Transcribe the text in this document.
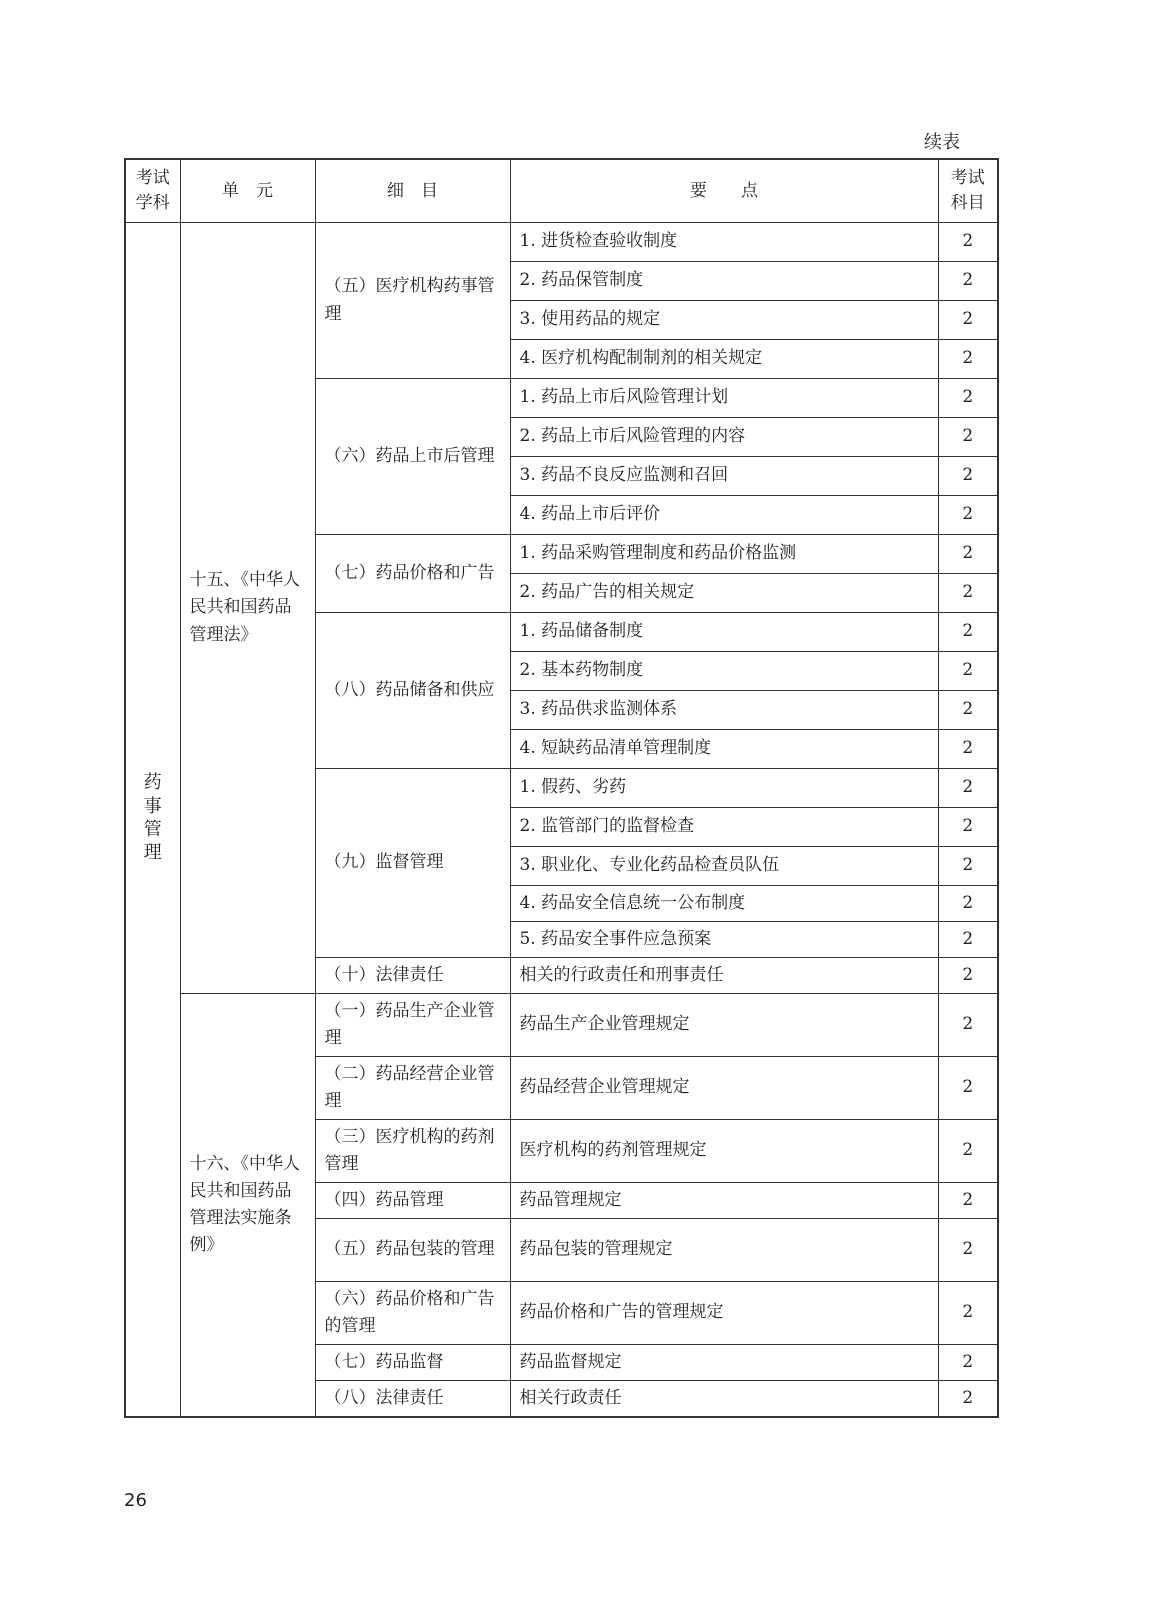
续表
考试学科	单　元	细　目	要　　点	考试科目
药事管理	十五、《中华人民共和国药品管理法》	（五）医疗机构药事管理	1. 进货检查验收制度	2
			2. 药品保管制度	2
			3. 使用药品的规定	2
			4. 医疗机构配制制剂的相关规定	2
		（六）药品上市后管理	1. 药品上市后风险管理计划	2
			2. 药品上市后风险管理的内容	2
			3. 药品不良反应监测和召回	2
			4. 药品上市后评价	2
		（七）药品价格和广告	1. 药品采购管理制度和药品价格监测	2
			2. 药品广告的相关规定	2
		（八）药品储备和供应	1. 药品储备制度	2
			2. 基本药物制度	2
			3. 药品供求监测体系	2
			4. 短缺药品清单管理制度	2
		（九）监督管理	1. 假药、劣药	2
			2. 监管部门的监督检查	2
			3. 职业化、专业化药品检查员队伍	2
			4. 药品安全信息统一公布制度	2
			5. 药品安全事件应急预案	2
		（十）法律责任	相关的行政责任和刑事责任	2
	十六、《中华人民共和国药品管理法实施条例》	（一）药品生产企业管理	药品生产企业管理规定	2
		（二）药品经营企业管理	药品经营企业管理规定	2
		（三）医疗机构的药剂管理	医疗机构的药剂管理规定	2
		（四）药品管理	药品管理规定	2
		（五）药品包装的管理	药品包装的管理规定	2
		（六）药品价格和广告的管理	药品价格和广告的管理规定	2
		（七）药品监督	药品监督规定	2
		（八）法律责任	相关行政责任	2
26
